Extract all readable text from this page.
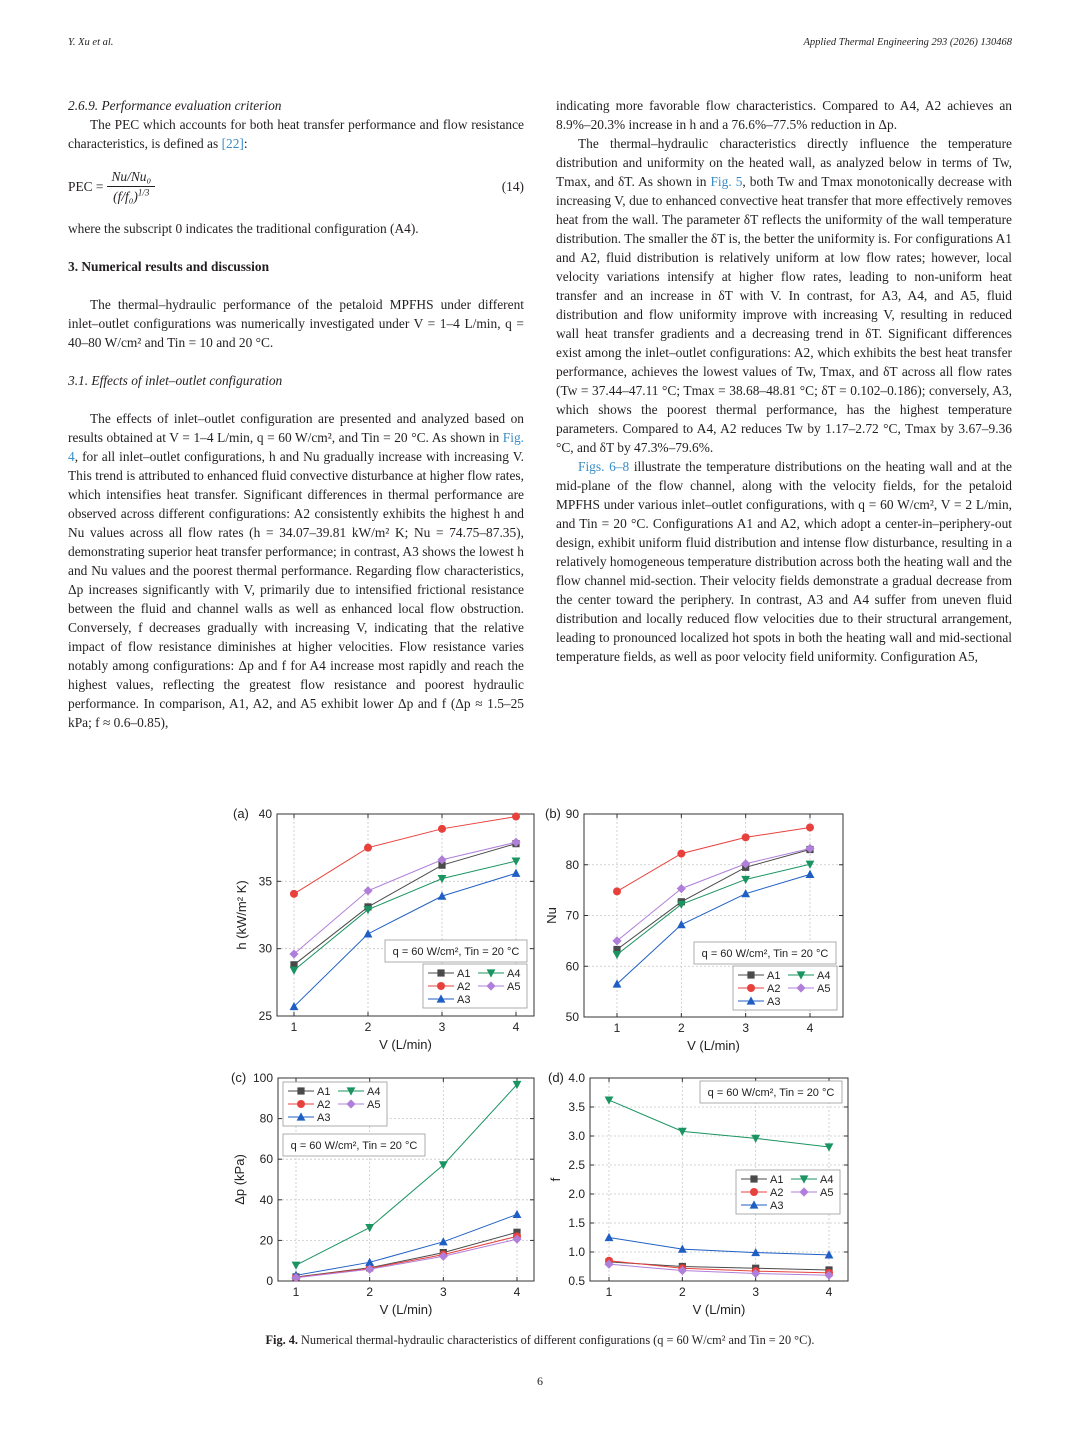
Y. Xu et al.	Applied Thermal Engineering 293 (2026) 130468

2.6.9. Performance evaluation criterion

The PEC which accounts for both heat transfer performance and flow resistance characteristics, is defined as [22]:

PEC = $\frac{\text{Nu/Nu₀}}{(f/f_0)^{1/3}}$	(14)

where the subscript 0 indicates the traditional configuration (A4).

3. Numerical results and discussion

The thermal–hydraulic performance of the petaloid MPFHS under different inlet–outlet configurations was numerically investigated under V = 1–4 L/min, q = 40–80 W/cm² and Tin = 10 and 20 °C.

3.1. Effects of inlet–outlet configuration

The effects of inlet–outlet configuration are presented and analyzed based on results obtained at V = 1–4 L/min, q = 60 W/cm², and Tin = 20 °C. As shown in Fig. 4, for all inlet–outlet configurations, h and Nu gradually increase with increasing V. This trend is attributed to enhanced fluid convective disturbance at higher flow rates, which intensifies heat transfer. Significant differences in thermal performance are observed across different configurations: A2 consistently exhibits the highest h and Nu values across all flow rates (h = 34.07–39.81 kW/m² K; Nu = 74.75–87.35), demonstrating superior heat transfer performance; in contrast, A3 shows the lowest h and Nu values and the poorest thermal performance. Regarding flow characteristics, Δp increases significantly with V, primarily due to intensified frictional resistance between the fluid and channel walls as well as enhanced local flow obstruction. Conversely, f decreases gradually with increasing V, indicating that the relative impact of flow resistance diminishes at higher velocities. Flow resistance varies notably among configurations: Δp and f for A4 increase most rapidly and reach the highest values, reflecting the greatest flow resistance and poorest hydraulic performance. In comparison, A1, A2, and A5 exhibit lower Δp and f (Δp ≈ 1.5–25 kPa; f ≈ 0.6–0.85),

indicating more favorable flow characteristics. Compared to A4, A2 achieves an 8.9%–20.3% increase in h and a 76.6%–77.5% reduction in Δp.

The thermal–hydraulic characteristics directly influence the temperature distribution and uniformity on the heated wall, as analyzed below in terms of Tw, Tmax, and δT. As shown in Fig. 5, both Tw and Tmax monotonically decrease with increasing V, due to enhanced convective heat transfer that more effectively removes heat from the wall. The parameter δT reflects the uniformity of the wall temperature distribution. The smaller the δT is, the better the uniformity is. For configurations A1 and A2, fluid distribution is relatively uniform at low flow rates; however, local velocity variations intensify at higher flow rates, leading to non-uniform heat transfer and an increase in δT with V. In contrast, for A3, A4, and A5, fluid distribution and flow uniformity improve with increasing V, resulting in reduced wall heat transfer gradients and a decreasing trend in δT. Significant differences exist among the inlet–outlet configurations: A2, which exhibits the best heat transfer performance, achieves the lowest values of Tw, Tmax, and δT across all flow rates (Tw = 37.44–47.11 °C; Tmax = 38.68–48.81 °C; δT = 0.102–0.186); conversely, A3, which shows the poorest thermal performance, has the highest temperature parameters. Compared to A4, A2 reduces Tw by 1.17–2.72 °C, Tmax by 3.67–9.36 °C, and δT by 47.3%–79.6%.

Figs. 6–8 illustrate the temperature distributions on the heating wall and at the mid-plane of the flow channel, along with the velocity fields, for the petaloid MPFHS under various inlet–outlet configurations, with q = 60 W/cm², V = 2 L/min, and Tin = 20 °C. Configurations A1 and A2, which adopt a center-in–periphery-out design, exhibit uniform fluid distribution and intense flow disturbance, resulting in a relatively homogeneous temperature distribution across both the heating wall and the flow channel mid-section. Their velocity fields demonstrate a gradual decrease from the center toward the periphery. In contrast, A3 and A4 suffer from uneven fluid distribution and locally reduced flow velocities due to their structural arrangement, leading to pronounced localized hot spots in both the heating wall and mid-sectional temperature fields, as well as poor velocity field uniformity. Configuration A5,

25
30
35
40
1	2	3	4
(a)
V (L/min)
h (kW/m² K)
q = 60 W/cm², Tin = 20 °C
A1
A2
A3
A4
A5
50
60
70
80
90
1	2	3	4
(b)
V (L/min)
Nu
q = 60 W/cm², Tin = 20 °C
A1
A2
A3
A4
A5
0
20
40
60
80
100
1	2	3	4
(c)
V (L/min)
Δp (kPa)
q = 60 W/cm², Tin = 20 °C
A1
A2
A3
A4
A5
0.5
1.0
1.5
2.0
2.5
3.0
3.5
4.0
1	2	3	4
(d)
V (L/min)
f
q = 60 W/cm², Tin = 20 °C
A1
A2
A3
A4
A5
Fig. 4. Numerical thermal-hydraulic characteristics of different configurations (q = 60 W/cm² and Tin = 20 °C).
6
